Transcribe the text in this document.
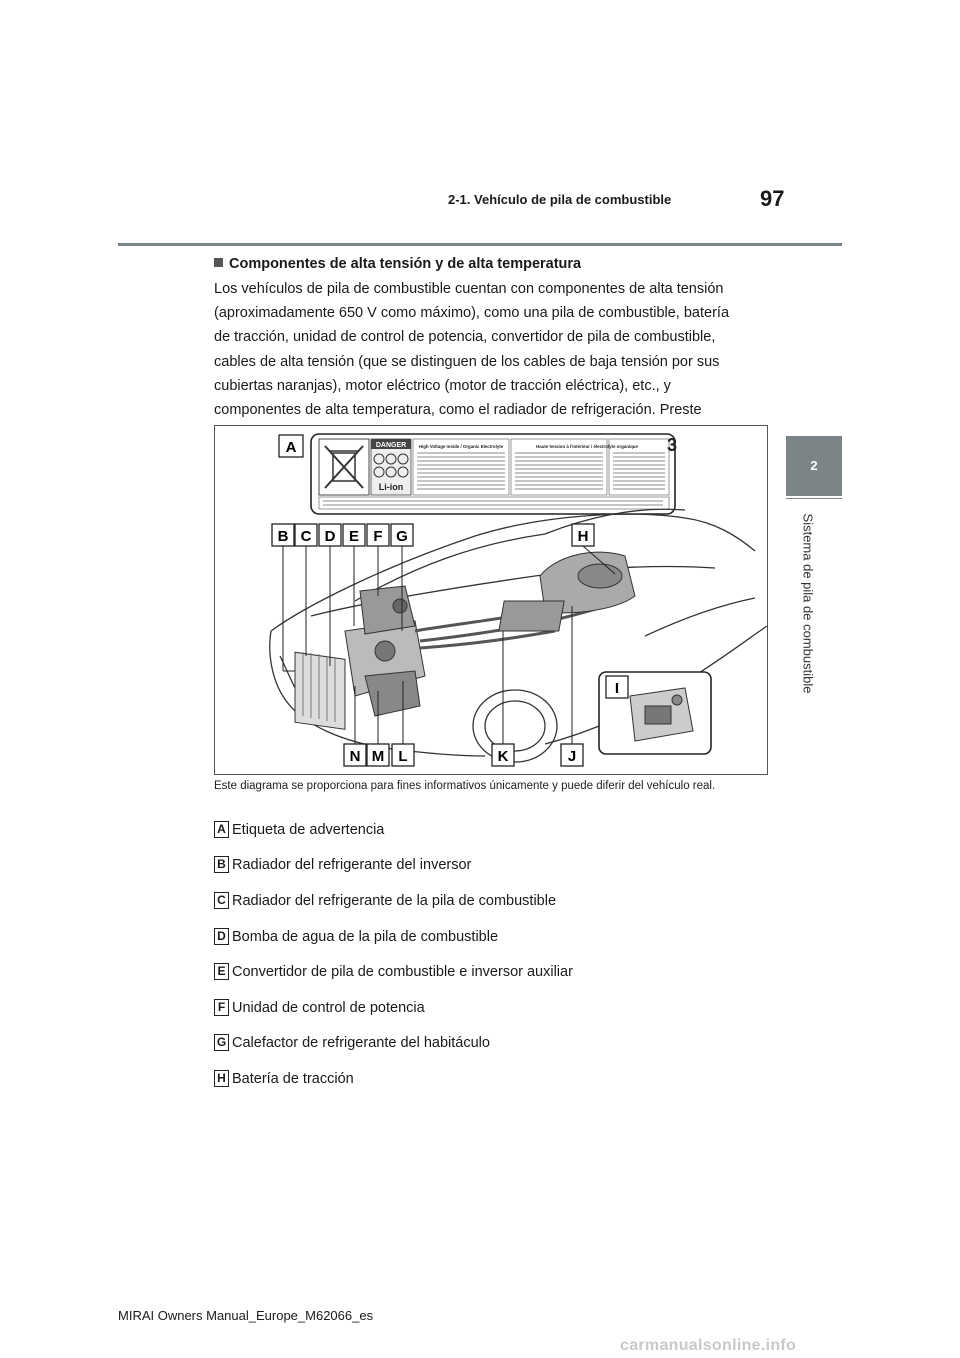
2-1. Vehículo de pila de combustible	97
2
Sistema de pila de combustible
Componentes de alta tensión y de alta temperatura
Los vehículos de pila de combustible cuentan con componentes de alta tensión (aproximadamente 650 V como máximo), como una pila de combustible, batería de tracción, unidad de control de potencia, convertidor de pila de combustible, cables de alta tensión (que se distinguen de los cables de baja tensión por sus cubiertas naranjas), motor eléctrico (motor de tracción eléctrica), etc., y componentes de alta temperatura, como el radiador de refrigeración. Preste
DANGER
Li-ion
High Voltage Inside / Organic Electrolyte	Haute tension à l'intérieur / électrolyte organique 3
A
B C D E F G	H
I
N M L	K	J
Este diagrama se proporciona para fines informativos únicamente y puede diferir del vehículo real.
A Etiqueta de advertencia
B Radiador del refrigerante del inversor
C Radiador del refrigerante de la pila de combustible
D Bomba de agua de la pila de combustible
E Convertidor de pila de combustible e inversor auxiliar
F Unidad de control de potencia
G Calefactor de refrigerante del habitáculo
H Batería de tracción
MIRAI Owners Manual_Europe_M62066_es
carmanualsonline.info
